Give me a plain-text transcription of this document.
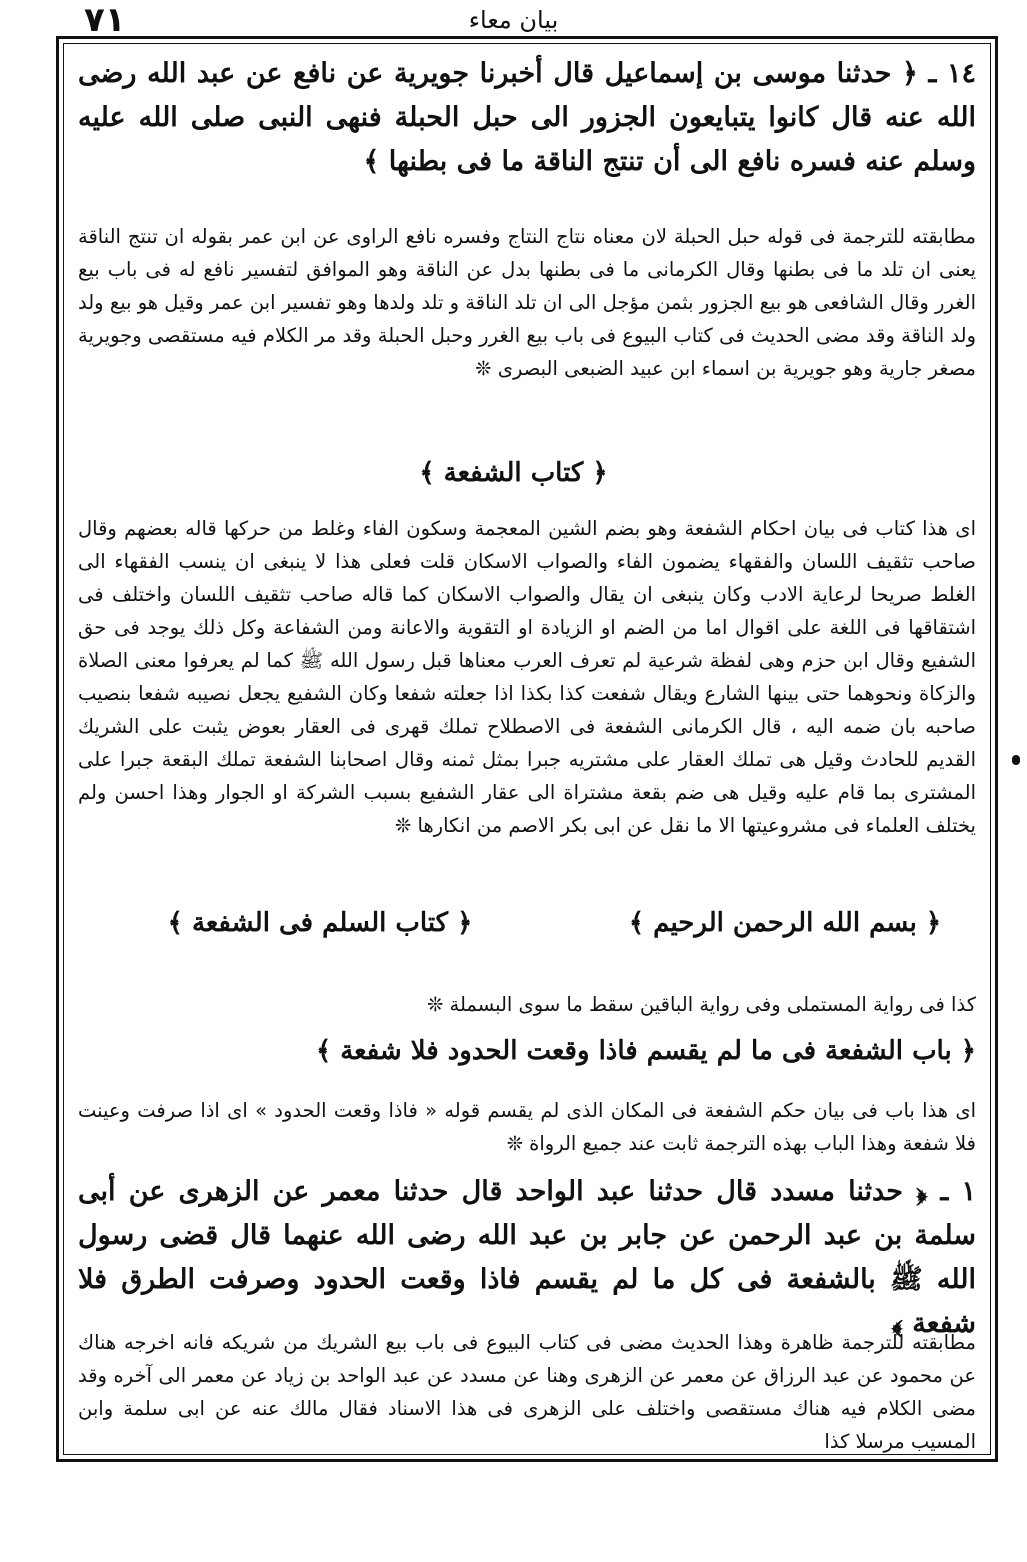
٧١	بیان معاء
١٤ ـ ﴿ حدثنا موسی بن إسماعيل قال أخبرنا جويرية عن نافع عن عبد الله رضی الله عنه قال كانوا يتبايعون الجزور الی حبل الحبلة فنهی النبی صلی الله عليه وسلم عنه فسره نافع الی أن تنتج الناقة ما فی بطنها ﴾
مطابقته للترجمة فی قوله حبل الحبلة لان معناه نتاج النتاج وفسره نافع الراوی عن ابن عمر بقوله ان تنتج الناقة يعنی ان تلد ما فی بطنها وقال الكرمانی ما فی بطنها بدل عن الناقة وهو الموافق لتفسير نافع له فی باب بيع الغرر وقال الشافعی هو بيع الجزور بثمن مؤجل الی ان تلد الناقة و تلد ولدها وهو تفسير ابن عمر وقيل هو بيع ولد ولد الناقة وقد مضی الحديث فی كتاب البيوع فی باب بيع الغرر وحبل الحبلة وقد مر الكلام فيه مستقصی وجويرية مصغر جارية وهو جويرية بن اسماء ابن عبيد الضبعی البصری ❊
﴿ كتاب الشفعة ﴾
ای هذا كتاب فی بيان احكام الشفعة وهو بضم الشين المعجمة وسكون الفاء وغلط من حركها قاله بعضهم وقال صاحب تثقيف اللسان والفقهاء يضمون الفاء والصواب الاسكان قلت فعلی هذا لا ينبغی ان ينسب الفقهاء الی الغلط صريحا لرعاية الادب وكان ينبغی ان يقال والصواب الاسكان كما قاله صاحب تثقيف اللسان واختلف فی اشتقاقها فی اللغة علی اقوال اما من الضم او الزيادة او التقوية والاعانة ومن الشفاعة وكل ذلك يوجد فی حق الشفيع وقال ابن حزم وهی لفظة شرعية لم تعرف العرب معناها قبل رسول الله ﷺ كما لم يعرفوا معنی الصلاة والزكاة ونحوهما حتی بينها الشارع ويقال شفعت كذا بكذا اذا جعلته شفعا وكان الشفيع يجعل نصيبه شفعا بنصيب صاحبه بان ضمه اليه ، قال الكرمانی الشفعة فی الاصطلاح تملك قهری فی العقار بعوض يثبت علی الشريك القديم للحادث وقيل هی تملك العقار علی مشتريه جبرا بمثل ثمنه وقال اصحابنا الشفعة تملك البقعة جبرا علی المشتری بما قام عليه وقيل هی ضم بقعة مشتراة الی عقار الشفيع بسبب الشركة او الجوار وهذا احسن ولم يختلف العلماء فی مشروعيتها الا ما نقل عن ابی بكر الاصم من انكارها ❊
﴿ بسم الله الرحمن الرحيم ﴾
﴿ كتاب السلم فی الشفعة ﴾
كذا فی رواية المستملی وفی رواية الباقين سقط ما سوی البسملة ❊
﴿ باب الشفعة فی ما لم يقسم فاذا وقعت الحدود فلا شفعة ﴾
ای هذا باب فی بيان حكم الشفعة فی المكان الذی لم يقسم قوله « فاذا وقعت الحدود » ای اذا صرفت وعينت فلا شفعة وهذا الباب بهذه الترجمة ثابت عند جميع الرواة ❊
١ ـ ﴿ حدثنا مسدد قال حدثنا عبد الواحد قال حدثنا معمر عن الزهری عن أبی سلمة بن عبد الرحمن عن جابر بن عبد الله رضی الله عنهما قال قضی رسول الله ﷺ بالشفعة فی كل ما لم يقسم فاذا وقعت الحدود وصرفت الطرق فلا شفعة ﴾
مطابقته للترجمة ظاهرة وهذا الحديث مضی فی كتاب البيوع فی باب بيع الشريك من شريكه فانه اخرجه هناك عن محمود عن عبد الرزاق عن معمر عن الزهری وهنا عن مسدد عن عبد الواحد بن زياد عن معمر الی آخره وقد مضی الكلام فيه هناك مستقصی واختلف علی الزهری فی هذا الاسناد فقال مالك عنه عن ابی سلمة وابن المسيب مرسلا كذا
